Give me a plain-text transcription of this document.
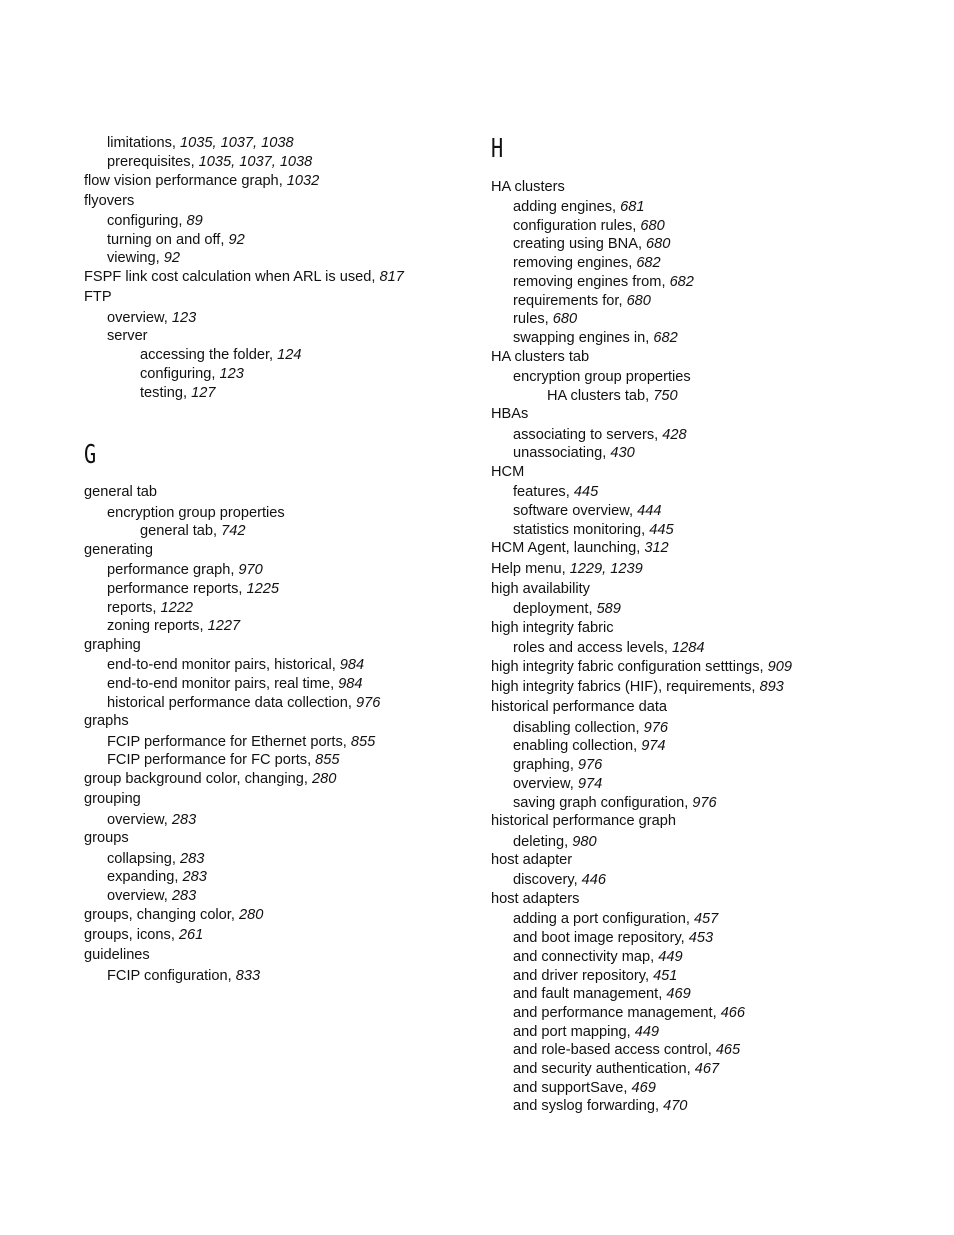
limitations, 1035, 1037, 1038
prerequisites, 1035, 1037, 1038
flow vision performance graph, 1032
flyovers
configuring, 89
turning on and off, 92
viewing, 92
FSPF link cost calculation when ARL is used, 817
FTP
overview, 123
server
accessing the folder, 124
configuring, 123
testing, 127
general tab
encryption group properties
general tab, 742
generating
performance graph, 970
performance reports, 1225
reports, 1222
zoning reports, 1227
graphing
end-to-end monitor pairs, historical, 984
end-to-end monitor pairs, real time, 984
historical performance data collection, 976
graphs
FCIP performance for Ethernet ports, 855
FCIP performance for FC ports, 855
group background color, changing, 280
grouping
overview, 283
groups
collapsing, 283
expanding, 283
overview, 283
groups, changing color, 280
groups, icons, 261
guidelines
FCIP configuration, 833
G
H
HA clusters
adding engines, 681
configuration rules, 680
creating using BNA, 680
removing engines, 682
removing engines from, 682
requirements for, 680
rules, 680
swapping engines in, 682
HA clusters tab
encryption group properties
HA clusters tab, 750
HBAs
associating to servers, 428
unassociating, 430
HCM
features, 445
software overview, 444
statistics monitoring, 445
HCM Agent, launching, 312
Help menu, 1229, 1239
high availability
deployment, 589
high integrity fabric
roles and access levels, 1284
high integrity fabric configuration setttings, 909
high integrity fabrics (HIF), requirements, 893
historical performance data
disabling collection, 976
enabling collection, 974
graphing, 976
overview, 974
saving graph configuration, 976
historical performance graph
deleting, 980
host adapter
discovery, 446
host adapters
adding a port configuration, 457
and boot image repository, 453
and connectivity map, 449
and driver repository, 451
and fault management, 469
and performance management, 466
and port mapping, 449
and role-based access control, 465
and security authentication, 467
and supportSave, 469
and syslog forwarding, 470
